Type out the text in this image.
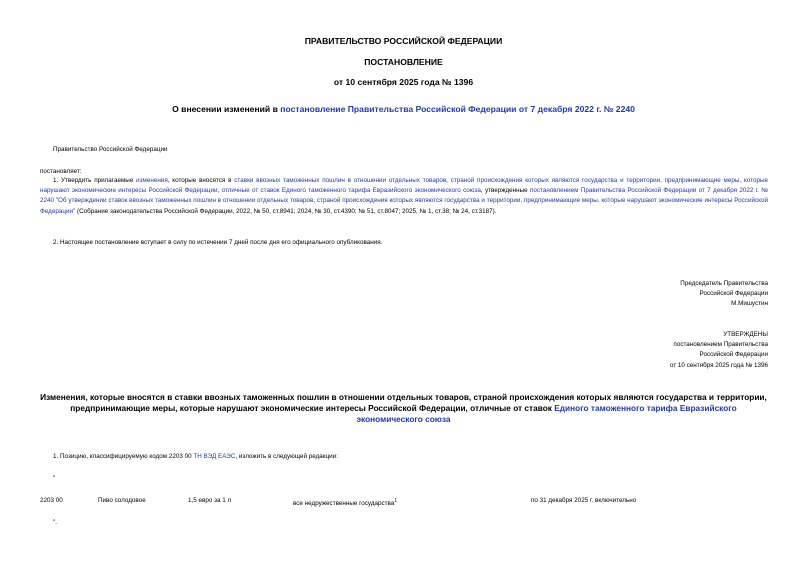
ПРАВИТЕЛЬСТВО РОССИЙСКОЙ ФЕДЕРАЦИИ
ПОСТАНОВЛЕНИЕ
от 10 сентября 2025 года № 1396
О внесении изменений в постановление Правительства Российской Федерации от 7 декабря 2022 г. № 2240
Правительство Российской Федерации
постановляет:
1. Утвердить прилагаемые изменения, которые вносятся в ставки ввозных таможенных пошлин в отношении отдельных товаров, страной происхождения которых являются государства и территории, предпринимающие меры, которые нарушают экономические интересы Российской Федерации, отличные от ставок Единого таможенного тарифа Евразийского экономического союза, утвержденные постановлением Правительства Российской Федерации от 7 декабря 2022 г. № 2240 "Об утверждении ставок ввозных таможенных пошлин в отношении отдельных товаров, страной происхождения которых являются государства и территории, предпринимающие меры, которые нарушают экономические интересы Российской Федерации" (Собрание законодательства Российской Федерации, 2022, № 50, ст.8941; 2024, № 30, ст.4390; № 51, ст.8047; 2025, № 1, ст.38; № 24, ст.3187).
2. Настоящее постановление вступает в силу по истечении 7 дней после дня его официального опубликования.
Председатель Правительства
Российской Федерации
М.Мишустин
УТВЕРЖДЕНЫ
постановлением Правительства
Российской Федерации
от 10 сентября 2025 года № 1396
Изменения, которые вносятся в ставки ввозных таможенных пошлин в отношении отдельных товаров, страной происхождения которых являются государства и территории, предпринимающие меры, которые нарушают экономические интересы Российской Федерации, отличные от ставок Единого таможенного тарифа Евразийского экономического союза
1. Позицию, классифицируемую кодом 2203 00 ТН ВЭД ЕАЭС, изложить в следующей редакции:
"
2203 00	Пиво солодовое	1,5 евро за 1 л	все недружественные государства$^1$	по 31 декабря 2025 г. включительно
".
